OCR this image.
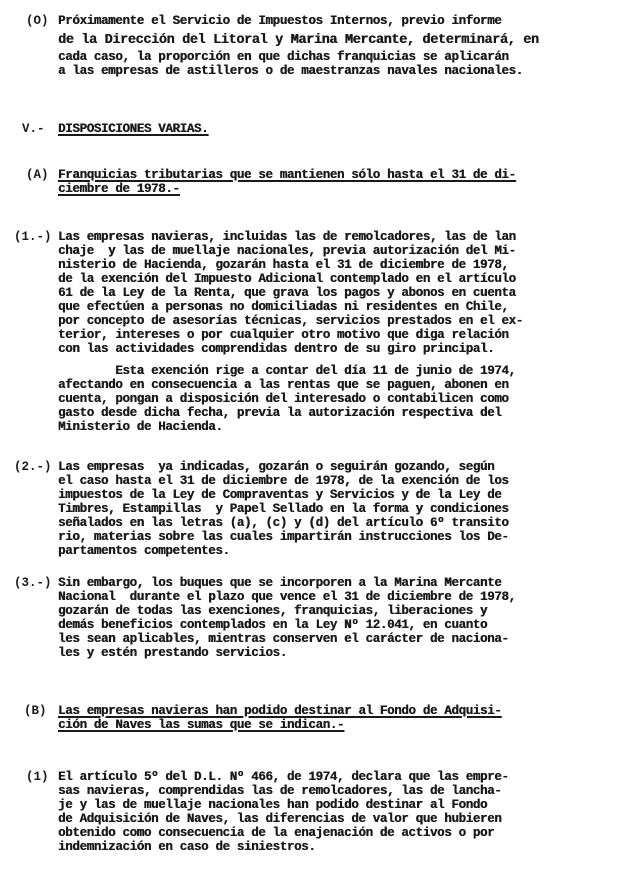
(O) Próximamente el Servicio de Impuestos Internos, previo informe
de la Dirección del Litoral y Marina Mercante, determinará, en
cada caso, la proporción en que dichas franquicias se aplicarán
a las empresas de astilleros o de maestranzas navales nacionales.
V.- DISPOSICIONES VARIAS.
(A) Franquicias tributarias que se mantienen sólo hasta el 31 de di-
ciembre de 1978.-
(1.-) Las empresas navieras, incluidas las de remolcadores, las de lan
chaje  y las de muellaje nacionales, previa autorización del Mi-
nisterio de Hacienda, gozarán hasta el 31 de diciembre de 1978,
de la exención del Impuesto Adicional contemplado en el artículo
61 de la Ley de la Renta, que grava los pagos y abonos en cuenta
que efectúen a personas no domiciliadas ni residentes en Chile,
por concepto de asesorías técnicas, servicios prestados en el ex-
terior, intereses o por cualquier otro motivo que diga relación
con las actividades comprendidas dentro de su giro principal.
Esta exención rige a contar del día 11 de junio de 1974,
afectando en consecuencia a las rentas que se paguen, abonen en
cuenta, pongan a disposición del interesado o contabilicen como
gasto desde dicha fecha, previa la autorización respectiva del
Ministerio de Hacienda.
(2.-) Las empresas  ya indicadas, gozarán o seguirán gozando, según
el caso hasta el 31 de diciembre de 1978, de la exención de los
impuestos de la Ley de Compraventas y Servicios y de la Ley de
Timbres, Estampillas  y Papel Sellado en la forma y condiciones
señalados en las letras (a), (c) y (d) del artículo 6º transito
rio, materias sobre las cuales impartirán instrucciones los De-
partamentos competentes.
(3.-) Sin embargo, los buques que se incorporen a la Marina Mercante
Nacional  durante el plazo que vence el 31 de diciembre de 1978,
gozarán de todas las exenciones, franquicias, liberaciones y
demás beneficios contemplados en la Ley Nº 12.041, en cuanto
les sean aplicables, mientras conserven el carácter de naciona-
les y estén prestando servicios.
(B) Las empresas navieras han podido destinar al Fondo de Adquisi-
ción de Naves las sumas que se indican.-
(1) El artículo 5º del D.L. Nº 466, de 1974, declara que las empre-
sas navieras, comprendidas las de remolcadores, las de lancha-
je y las de muellaje nacionales han podido destinar al Fondo
de Adquisición de Naves, las diferencias de valor que hubieren
obtenido como consecuencia de la enajenación de activos o por
indemnización en caso de siniestros.
